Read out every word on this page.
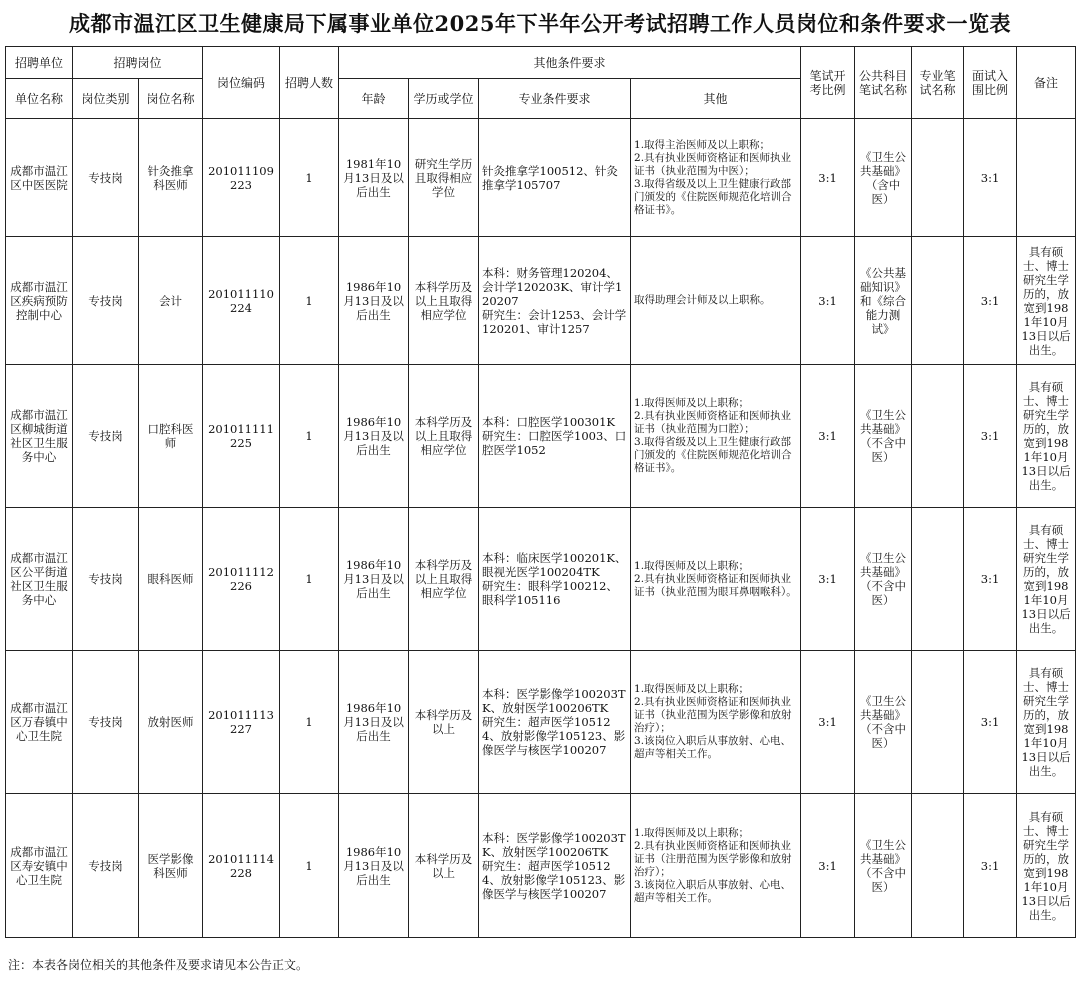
成都市温江区卫生健康局下属事业单位2025年下半年公开考试招聘工作人员岗位和条件要求一览表
招聘单位	招聘岗位		岗位编码	招聘人数	其他条件要求				笔试开考比例	公共科目笔试名称	专业笔试名称	面试入围比例	备注
单位名称	岗位类别	岗位名称			年龄	学历或学位	专业条件要求	其他					
成都市温江区中医医院	专技岗	针灸推拿科医师	201011109223	1	1981年10月13日及以后出生	研究生学历且取得相应学位	针灸推拿学100512、针灸推拿学105707	1.取得主治医师及以上职称；
2.具有执业医师资格证和医师执业证书（执业范围为中医）；
3.取得省级及以上卫生健康行政部门颁发的《住院医师规范化培训合格证书》。	3:1	《卫生公共基础》（含中医）		3:1	
成都市温江区疾病预防控制中心	专技岗	会计	201011110224	1	1986年10月13日及以后出生	本科学历及以上且取得相应学位	本科：财务管理120204、会计学120203K、审计学120207
研究生：会计1253、会计学120201、审计1257	取得助理会计师及以上职称。	3:1	《公共基础知识》和《综合能力测试》		3:1	具有硕士、博士研究生学历的，放宽到1981年10月13日以后出生。
成都市温江区柳城街道社区卫生服务中心	专技岗	口腔科医师	201011111225	1	1986年10月13日及以后出生	本科学历及以上且取得相应学位	本科：口腔医学100301K
研究生：口腔医学1003、口腔医学1052	1.取得医师及以上职称；
2.具有执业医师资格证和医师执业证书（执业范围为口腔）；
3.取得省级及以上卫生健康行政部门颁发的《住院医师规范化培训合格证书》。	3:1	《卫生公共基础》（不含中医）		3:1	具有硕士、博士研究生学历的，放宽到1981年10月13日以后出生。
成都市温江区公平街道社区卫生服务中心	专技岗	眼科医师	201011112226	1	1986年10月13日及以后出生	本科学历及以上且取得相应学位	本科：临床医学100201K、眼视光医学100204TK
研究生：眼科学100212、眼科学105116	1.取得医师及以上职称；
2.具有执业医师资格证和医师执业证书（执业范围为眼耳鼻咽喉科）。	3:1	《卫生公共基础》（不含中医）		3:1	具有硕士、博士研究生学历的，放宽到1981年10月13日以后出生。
成都市温江区万春镇中心卫生院	专技岗	放射医师	201011113227	1	1986年10月13日及以后出生	本科学历及以上	本科：医学影像学100203TK、放射医学100206TK
研究生：超声医学105124、放射影像学105123、影像医学与核医学100207	1.取得医师及以上职称；
2.具有执业医师资格证和医师执业证书（执业范围为医学影像和放射治疗）；
3.该岗位入职后从事放射、心电、超声等相关工作。	3:1	《卫生公共基础》（不含中医）		3:1	具有硕士、博士研究生学历的，放宽到1981年10月13日以后出生。
成都市温江区寿安镇中心卫生院	专技岗	医学影像科医师	201011114228	1	1986年10月13日及以后出生	本科学历及以上	本科：医学影像学100203TK、放射医学100206TK
研究生：超声医学105124、放射影像学105123、影像医学与核医学100207	1.取得医师及以上职称；
2.具有执业医师资格证和医师执业证书（注册范围为医学影像和放射治疗）；
3.该岗位入职后从事放射、心电、超声等相关工作。	3:1	《卫生公共基础》（不含中医）		3:1	具有硕士、博士研究生学历的，放宽到1981年10月13日以后出生。
注：本表各岗位相关的其他条件及要求请见本公告正文。
